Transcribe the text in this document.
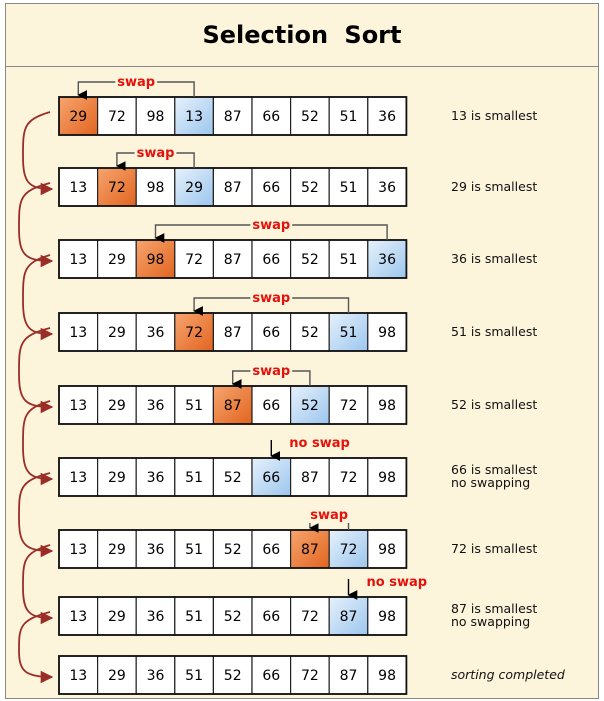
Selection Sort
29 72 98 13 87 66 52 51 36
swap
13 is smallest
13 72 98 29 87 66 52 51 36
swap
29 is smallest
13 29 98 72 87 66 52 51 36
swap
36 is smallest
13 29 36 72 87 66 52 51 98
swap
51 is smallest
13 29 36 51 87 66 52 72 98
swap
52 is smallest
13 29 36 51 52 66 87 72 98
no swap
66 is smallest
no swapping
13 29 36 51 52 66 87 72 98
swap
72 is smallest
13 29 36 51 52 66 72 87 98
no swap
87 is smallest
no swapping
13 29 36 51 52 66 72 87 98	sorting completed
